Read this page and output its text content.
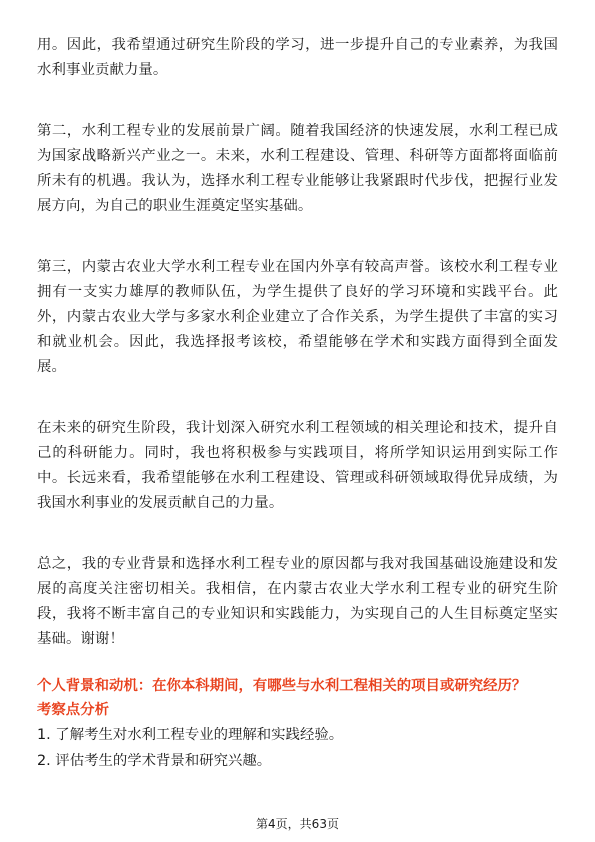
用。因此，我希望通过研究生阶段的学习，进一步提升自己的专业素养，为我国水利事业贡献力量。

第二，水利工程专业的发展前景广阔。随着我国经济的快速发展，水利工程已成为国家战略新兴产业之一。未来，水利工程建设、管理、科研等方面都将面临前所未有的机遇。我认为，选择水利工程专业能够让我紧跟时代步伐，把握行业发展方向，为自己的职业生涯奠定坚实基础。

第三，内蒙古农业大学水利工程专业在国内外享有较高声誉。该校水利工程专业拥有一支实力雄厚的教师队伍，为学生提供了良好的学习环境和实践平台。此外，内蒙古农业大学与多家水利企业建立了合作关系，为学生提供了丰富的实习和就业机会。因此，我选择报考该校，希望能够在学术和实践方面得到全面发展。

在未来的研究生阶段，我计划深入研究水利工程领域的相关理论和技术，提升自己的科研能力。同时，我也将积极参与实践项目，将所学知识运用到实际工作中。长远来看，我希望能够在水利工程建设、管理或科研领域取得优异成绩，为我国水利事业的发展贡献自己的力量。

总之，我的专业背景和选择水利工程专业的原因都与我对我国基础设施建设和发展的高度关注密切相关。我相信，在内蒙古农业大学水利工程专业的研究生阶段，我将不断丰富自己的专业知识和实践能力，为实现自己的人生目标奠定坚实基础。谢谢！

个人背景和动机：在你本科期间，有哪些与水利工程相关的项目或研究经历？

考察点分析

1. 了解考生对水利工程专业的理解和实践经验。

2. 评估考生的学术背景和研究兴趣。

第4页，共63页
